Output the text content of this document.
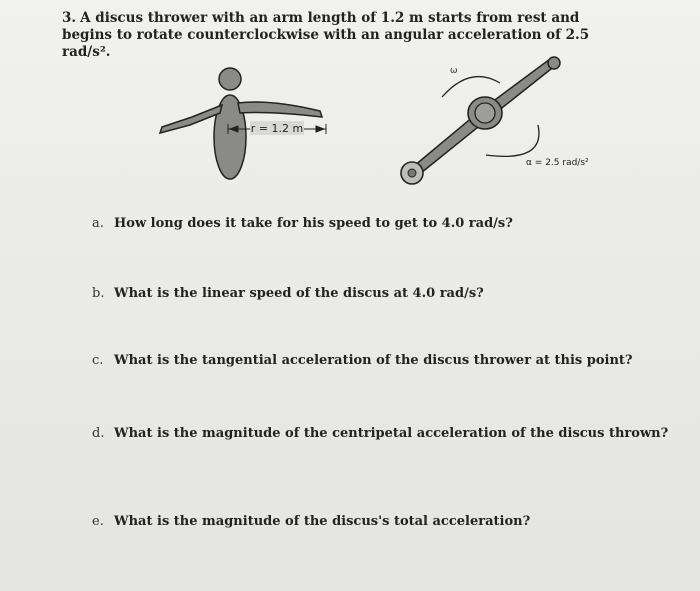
3. A discus thrower with an arm length of 1.2 m starts from rest and begins to rotate counterclockwise with an angular acceleration of 2.5 rad/s².
r = 1.2 m
ω
α = 2.5 rad/s²
a. How long does it take for his speed to get to 4.0 rad/s?
b. What is the linear speed of the discus at 4.0 rad/s?
c. What is the tangential acceleration of the discus thrower at this point?
d. What is the magnitude of the centripetal acceleration of the discus thrown?
e. What is the magnitude of the discus's total acceleration?
